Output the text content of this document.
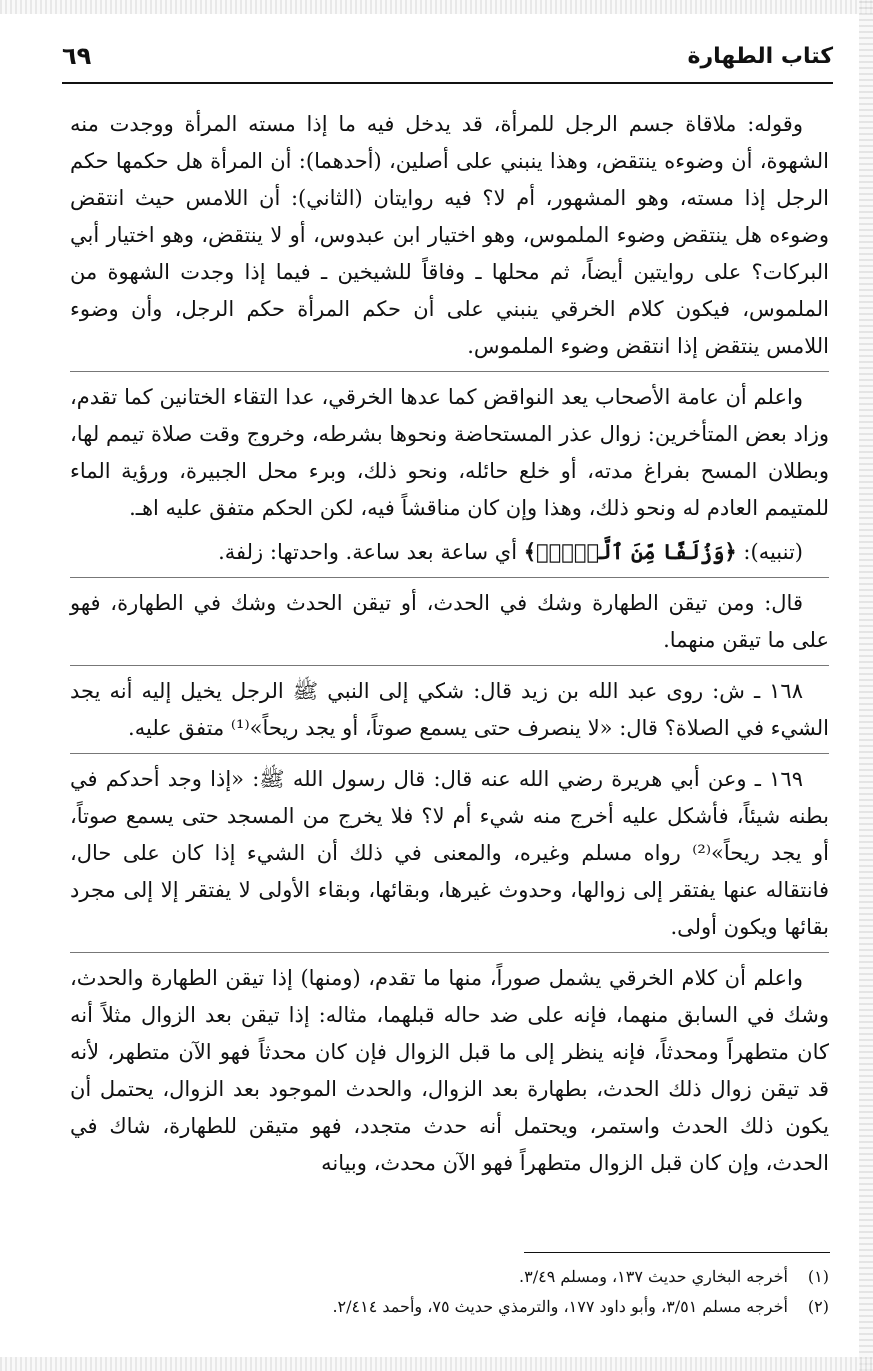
كتاب الطهارة
٦٩

وقوله: ملاقاة جسم الرجل للمرأة، قد يدخل فيه ما إذا مسته المرأة ووجدت منه الشهوة، أن وضوءه ينتقض، وهذا ينبني على أصلين، (أحدهما): أن المرأة هل حكمها حكم الرجل إذا مسته، وهو المشهور، أم لا؟ فيه روايتان (الثاني): أن اللامس حيث انتقض وضوءه هل ينتقض وضوء الملموس، وهو اختيار ابن عبدوس، أو لا ينتقض، وهو اختيار أبي البركات؟ على روايتين أيضاً، ثم محلها ـ وفاقاً للشيخين ـ فيما إذا وجدت الشهوة من الملموس، فيكون كلام الخرقي ينبني على أن حكم المرأة حكم الرجل، وأن وضوء اللامس ينتقض إذا انتقض وضوء الملموس.

واعلم أن عامة الأصحاب يعد النواقض كما عدها الخرقي، عدا التقاء الختانين كما تقدم، وزاد بعض المتأخرين: زوال عذر المستحاضة ونحوها بشرطه، وخروج وقت صلاة تيمم لها، وبطلان المسح بفراغ مدته، أو خلع حائله، ونحو ذلك، وبرء محل الجبيرة، ورؤية الماء للمتيمم العادم له ونحو ذلك، وهذا وإن كان مناقشاً فيه، لكن الحكم متفق عليه اهـ.

(تنبيه): ﴿وَزُلَفًا مِّنَ ٱلَّيۡلِۚ﴾ أي ساعة بعد ساعة. واحدتها: زلفة.

قال: ومن تيقن الطهارة وشك في الحدث، أو تيقن الحدث وشك في الطهارة، فهو على ما تيقن منهما.

١٦٨ ـ ش: روى عبد الله بن زيد قال: شكي إلى النبي ﷺ الرجل يخيل إليه أنه يجد الشيء في الصلاة؟ قال: «لا ينصرف حتى يسمع صوتاً، أو يجد ريحاً»⁽¹⁾ متفق عليه.

١٦٩ ـ وعن أبي هريرة رضي الله عنه قال: قال رسول الله ﷺ: «إذا وجد أحدكم في بطنه شيئاً، فأشكل عليه أخرج منه شيء أم لا؟ فلا يخرج من المسجد حتى يسمع صوتاً، أو يجد ريحاً»⁽²⁾ رواه مسلم وغيره، والمعنى في ذلك أن الشيء إذا كان على حال، فانتقاله عنها يفتقر إلى زوالها، وحدوث غيرها، وبقائها، وبقاء الأولى لا يفتقر إلا إلى مجرد بقائها ويكون أولى.

واعلم أن كلام الخرقي يشمل صوراً، منها ما تقدم، (ومنها) إذا تيقن الطهارة والحدث، وشك في السابق منهما، فإنه على ضد حاله قبلهما، مثاله: إذا تيقن بعد الزوال مثلاً أنه كان متطهراً ومحدثاً، فإنه ينظر إلى ما قبل الزوال فإن كان محدثاً فهو الآن متطهر، لأنه قد تيقن زوال ذلك الحدث، بطهارة بعد الزوال، والحدث الموجود بعد الزوال، يحتمل أن يكون ذلك الحدث واستمر، ويحتمل أنه حدث متجدد، فهو متيقن للطهارة، شاك في الحدث، وإن كان قبل الزوال متطهراً فهو الآن محدث، وبيانه

(١) أخرجه البخاري حديث ١٣٧، ومسلم ٣/٤٩.

(٢) أخرجه مسلم ٣/٥١، وأبو داود ١٧٧، والترمذي حديث ٧٥، وأحمد ٢/٤١٤.
